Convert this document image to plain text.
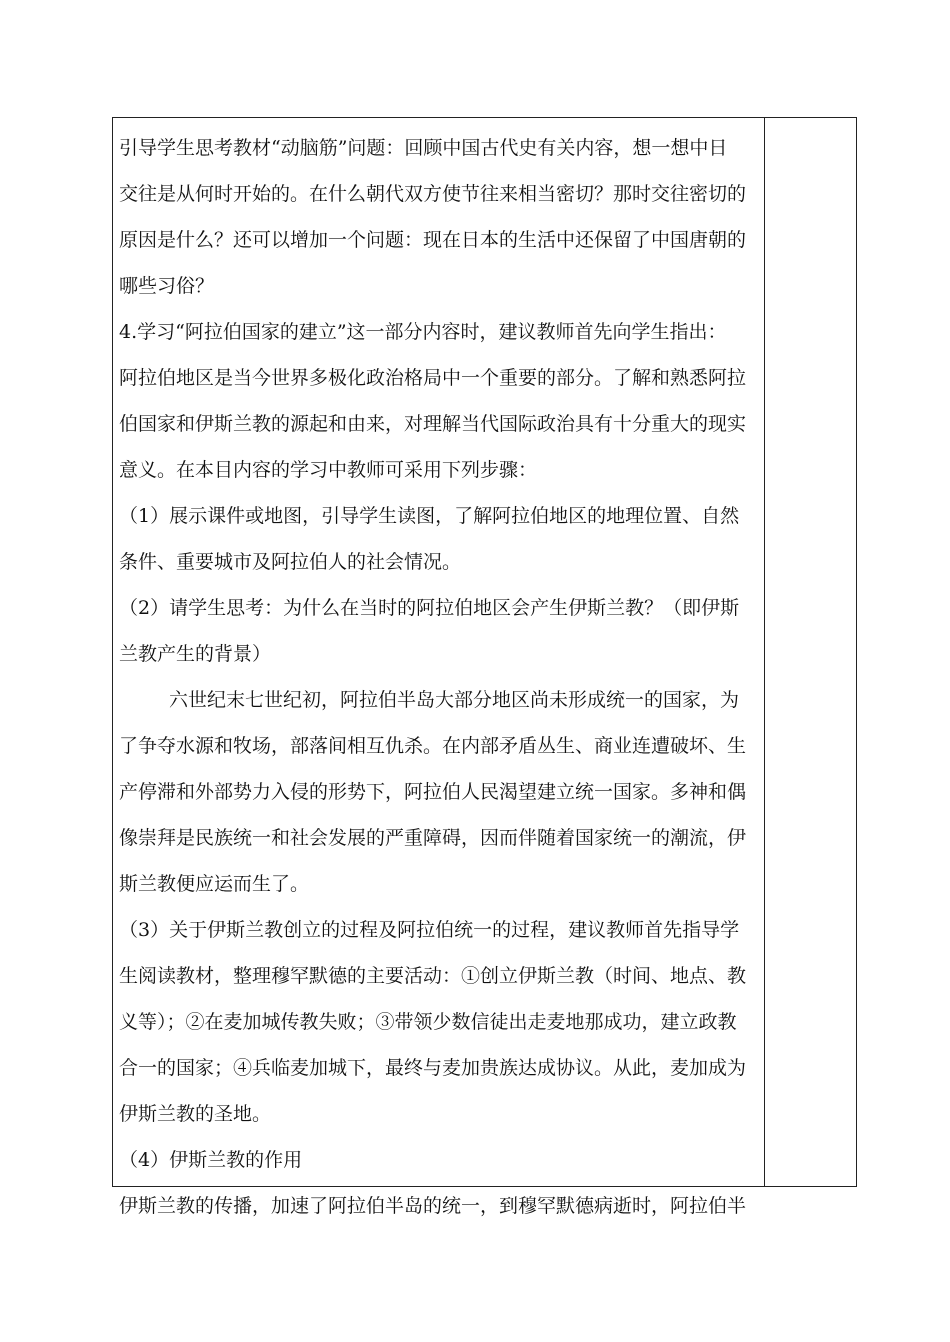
引导学生思考教材“动脑筋”问题：回顾中国古代史有关内容，想一想中日
交往是从何时开始的。在什么朝代双方使节往来相当密切？那时交往密切的
原因是什么？还可以增加一个问题：现在日本的生活中还保留了中国唐朝的
哪些习俗？
4.学习“阿拉伯国家的建立”这一部分内容时，建议教师首先向学生指出：
阿拉伯地区是当今世界多极化政治格局中一个重要的部分。了解和熟悉阿拉
伯国家和伊斯兰教的源起和由来，对理解当代国际政治具有十分重大的现实
意义。在本目内容的学习中教师可采用下列步骤：
（1）展示课件或地图，引导学生读图，了解阿拉伯地区的地理位置、自然
条件、重要城市及阿拉伯人的社会情况。
（2）请学生思考：为什么在当时的阿拉伯地区会产生伊斯兰教？（即伊斯
兰教产生的背景）
六世纪末七世纪初，阿拉伯半岛大部分地区尚未形成统一的国家，为
了争夺水源和牧场，部落间相互仇杀。在内部矛盾丛生、商业连遭破坏、生
产停滞和外部势力入侵的形势下，阿拉伯人民渴望建立统一国家。多神和偶
像崇拜是民族统一和社会发展的严重障碍，因而伴随着国家统一的潮流，伊
斯兰教便应运而生了。
（3）关于伊斯兰教创立的过程及阿拉伯统一的过程，建议教师首先指导学
生阅读教材，整理穆罕默德的主要活动：①创立伊斯兰教（时间、地点、教
义等）；②在麦加城传教失败；③带领少数信徒出走麦地那成功，建立政教
合一的国家；④兵临麦加城下，最终与麦加贵族达成协议。从此，麦加成为
伊斯兰教的圣地。
（4）伊斯兰教的作用
伊斯兰教的传播，加速了阿拉伯半岛的统一，到穆罕默德病逝时，阿拉伯半
